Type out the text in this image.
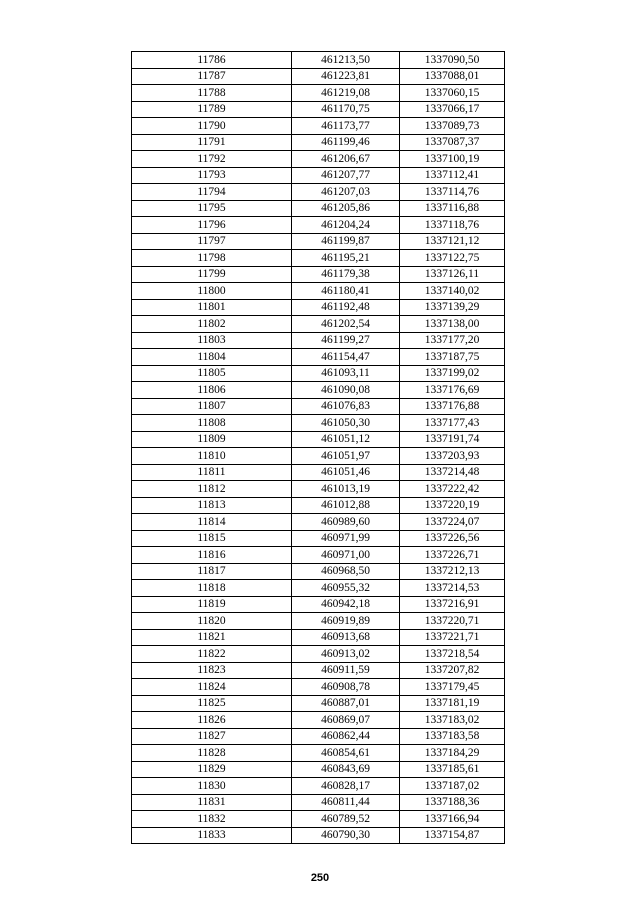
11786	461213,50	1337090,50
11787	461223,81	1337088,01
11788	461219,08	1337060,15
11789	461170,75	1337066,17
11790	461173,77	1337089,73
11791	461199,46	1337087,37
11792	461206,67	1337100,19
11793	461207,77	1337112,41
11794	461207,03	1337114,76
11795	461205,86	1337116,88
11796	461204,24	1337118,76
11797	461199,87	1337121,12
11798	461195,21	1337122,75
11799	461179,38	1337126,11
11800	461180,41	1337140,02
11801	461192,48	1337139,29
11802	461202,54	1337138,00
11803	461199,27	1337177,20
11804	461154,47	1337187,75
11805	461093,11	1337199,02
11806	461090,08	1337176,69
11807	461076,83	1337176,88
11808	461050,30	1337177,43
11809	461051,12	1337191,74
11810	461051,97	1337203,93
11811	461051,46	1337214,48
11812	461013,19	1337222,42
11813	461012,88	1337220,19
11814	460989,60	1337224,07
11815	460971,99	1337226,56
11816	460971,00	1337226,71
11817	460968,50	1337212,13
11818	460955,32	1337214,53
11819	460942,18	1337216,91
11820	460919,89	1337220,71
11821	460913,68	1337221,71
11822	460913,02	1337218,54
11823	460911,59	1337207,82
11824	460908,78	1337179,45
11825	460887,01	1337181,19
11826	460869,07	1337183,02
11827	460862,44	1337183,58
11828	460854,61	1337184,29
11829	460843,69	1337185,61
11830	460828,17	1337187,02
11831	460811,44	1337188,36
11832	460789,52	1337166,94
11833	460790,30	1337154,87
250
